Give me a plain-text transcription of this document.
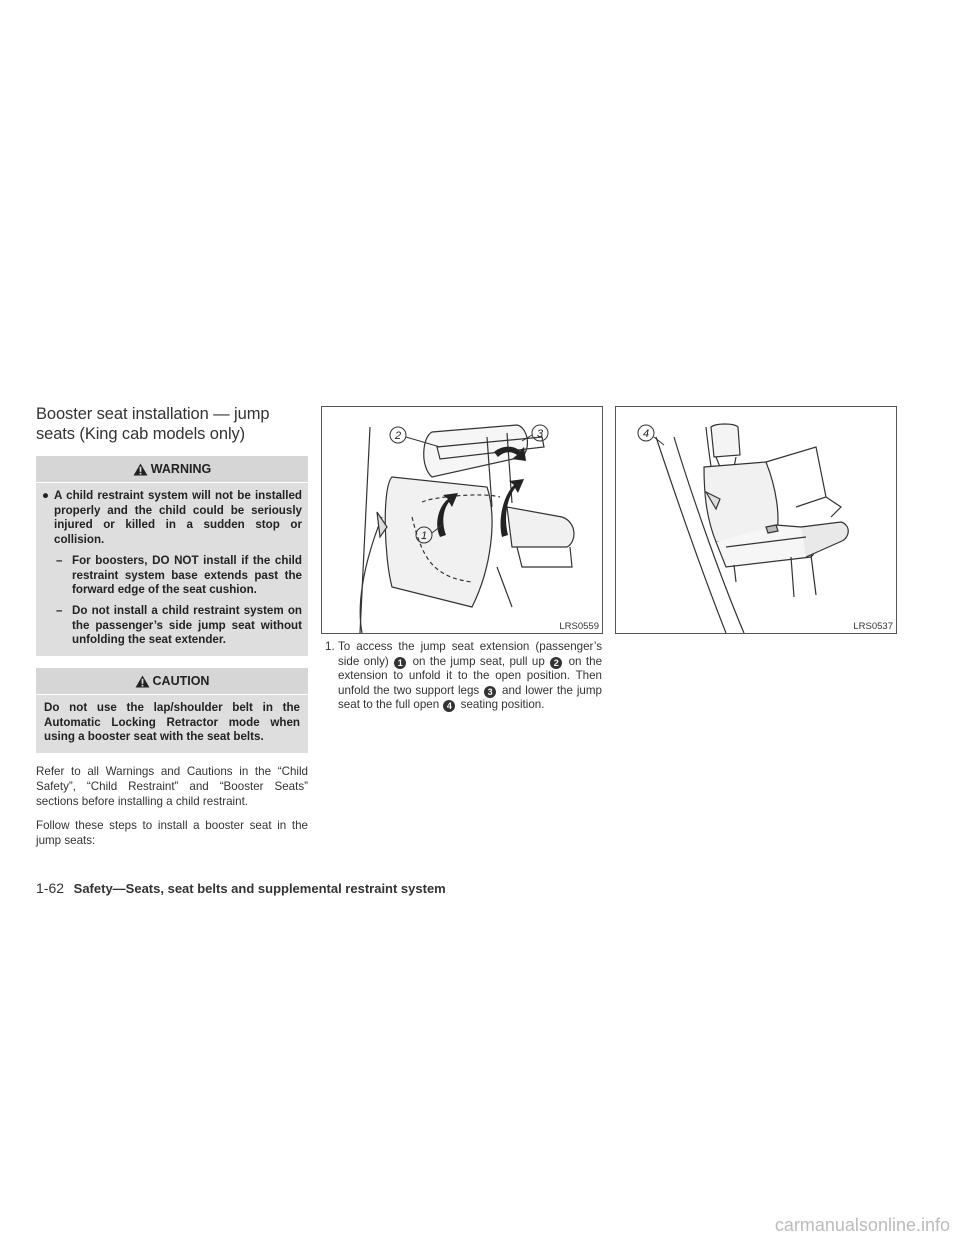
Booster seat installation — jump seats (King cab models only)
WARNING
● A child restraint system will not be installed properly and the child could be seriously injured or killed in a sudden stop or collision.
– For boosters, DO NOT install if the child restraint system base extends past the forward edge of the seat cushion.
– Do not install a child restraint system on the passenger’s side jump seat without unfolding the seat extender.
CAUTION
Do not use the lap/shoulder belt in the Automatic Locking Retractor mode when using a booster seat with the seat belts.

Refer to all Warnings and Cautions in the “Child Safety”, “Child Restraint” and “Booster Seats” sections before installing a child restraint.

Follow these steps to install a booster seat in the jump seats:

2	3
1
LRS0559
4
LRS0537
1. To access the jump seat extension (passenger’s side only) 1 on the jump seat, pull up 2 on the extension to unfold it to the open position. Then unfold the two support legs 3 and lower the jump seat to the full open 4 seating position.
1-62 Safety—Seats, seat belts and supplemental restraint system
carmanualsonline.info
